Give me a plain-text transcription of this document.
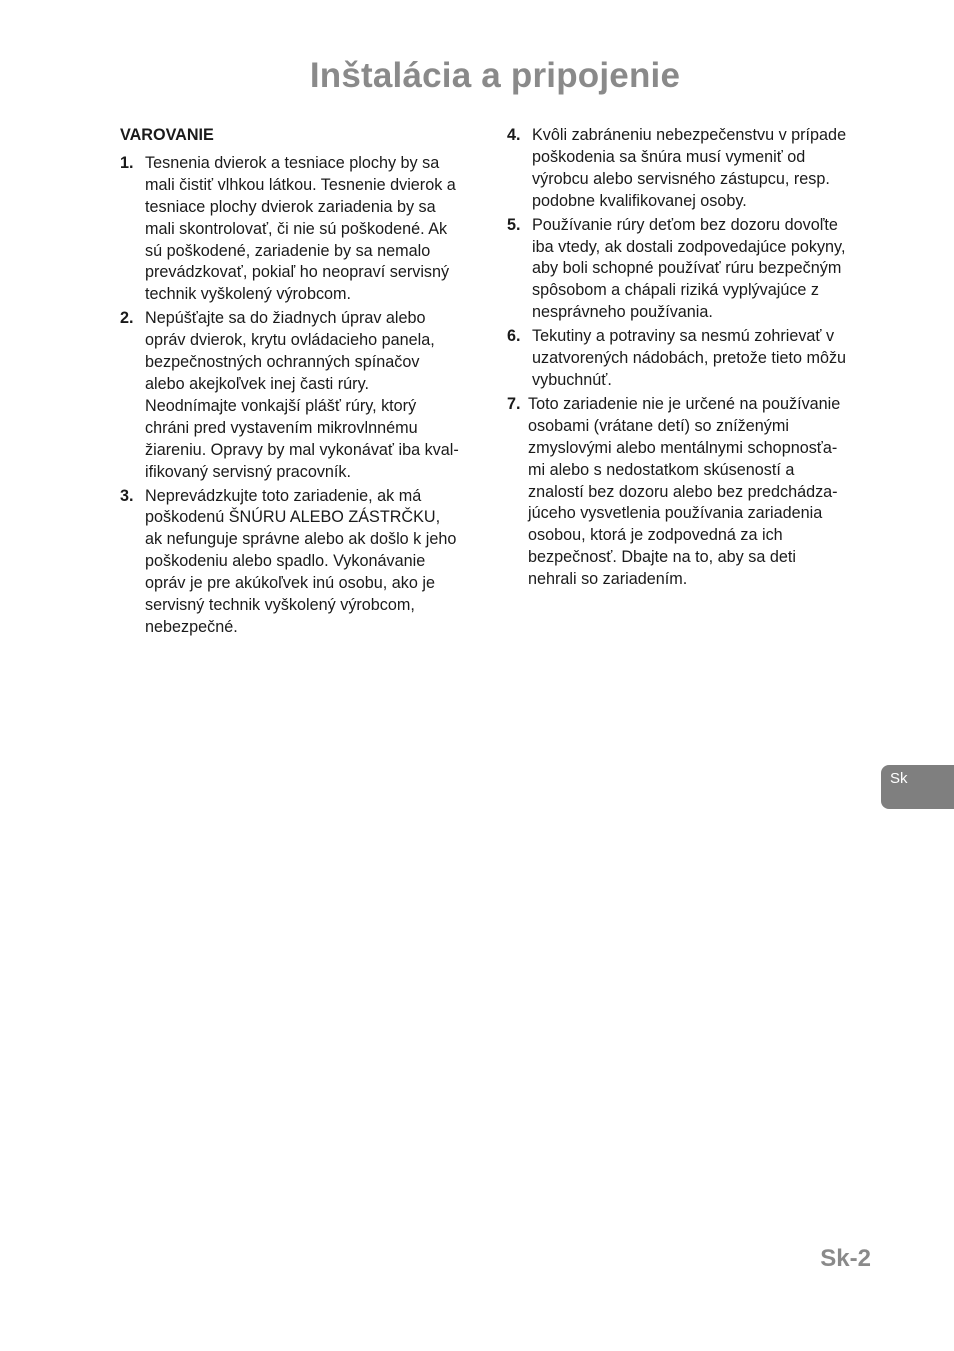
Inštalácia a pripojenie
VAROVANIE
1. Tesnenia dvierok a tesniace plochy by sa
mali čistiť vlhkou látkou. Tesnenie dvierok a
tesniace plochy dvierok zariadenia by sa
mali skontrolovať, či nie sú poškodené. Ak
sú poškodené, zariadenie by sa nemalo
prevádzkovať, pokiaľ ho neopraví servisný
technik vyškolený výrobcom.
2. Nepúšťajte sa do žiadnych úprav alebo
opráv dvierok, krytu ovládacieho panela,
bezpečnostných ochranných spínačov
alebo akejkoľvek inej časti rúry.
Neodnímajte vonkajší plášť rúry, ktorý
chráni pred vystavením mikrovlnnému
žiareniu. Opravy by mal vykonávať iba kval-
ifikovaný servisný pracovník.
3. Neprevádzkujte toto zariadenie, ak má
poškodenú ŠNÚRU ALEBO ZÁSTRČKU,
ak nefunguje správne alebo ak došlo k jeho
poškodeniu alebo spadlo. Vykonávanie
opráv je pre akúkoľvek inú osobu, ako je
servisný technik vyškolený výrobcom,
nebezpečné.
4. Kvôli zabráneniu nebezpečenstvu v prípade
poškodenia sa šnúra musí vymeniť od
výrobcu alebo servisného zástupcu, resp.
podobne kvalifikovanej osoby.
5. Používanie rúry deťom bez dozoru dovoľte
iba vtedy, ak dostali zodpovedajúce pokyny,
aby boli schopné používať rúru bezpečným
spôsobom a chápali riziká vyplývajúce z
nesprávneho používania.
6. Tekutiny a potraviny sa nesmú zohrievať v
uzatvorených nádobách, pretože tieto môžu
vybuchnúť.
7. Toto zariadenie nie je určené na používanie
osobami (vrátane detí) so zníženými
zmyslovými alebo mentálnymi schopnosťa-
mi alebo s nedostatkom skúseností a
znalostí bez dozoru alebo bez predchádza-
júceho vysvetlenia používania zariadenia
osobou, ktorá je zodpovedná za ich
bezpečnosť. Dbajte na to, aby sa deti
nehrali so zariadením.
Sk
Sk-2
